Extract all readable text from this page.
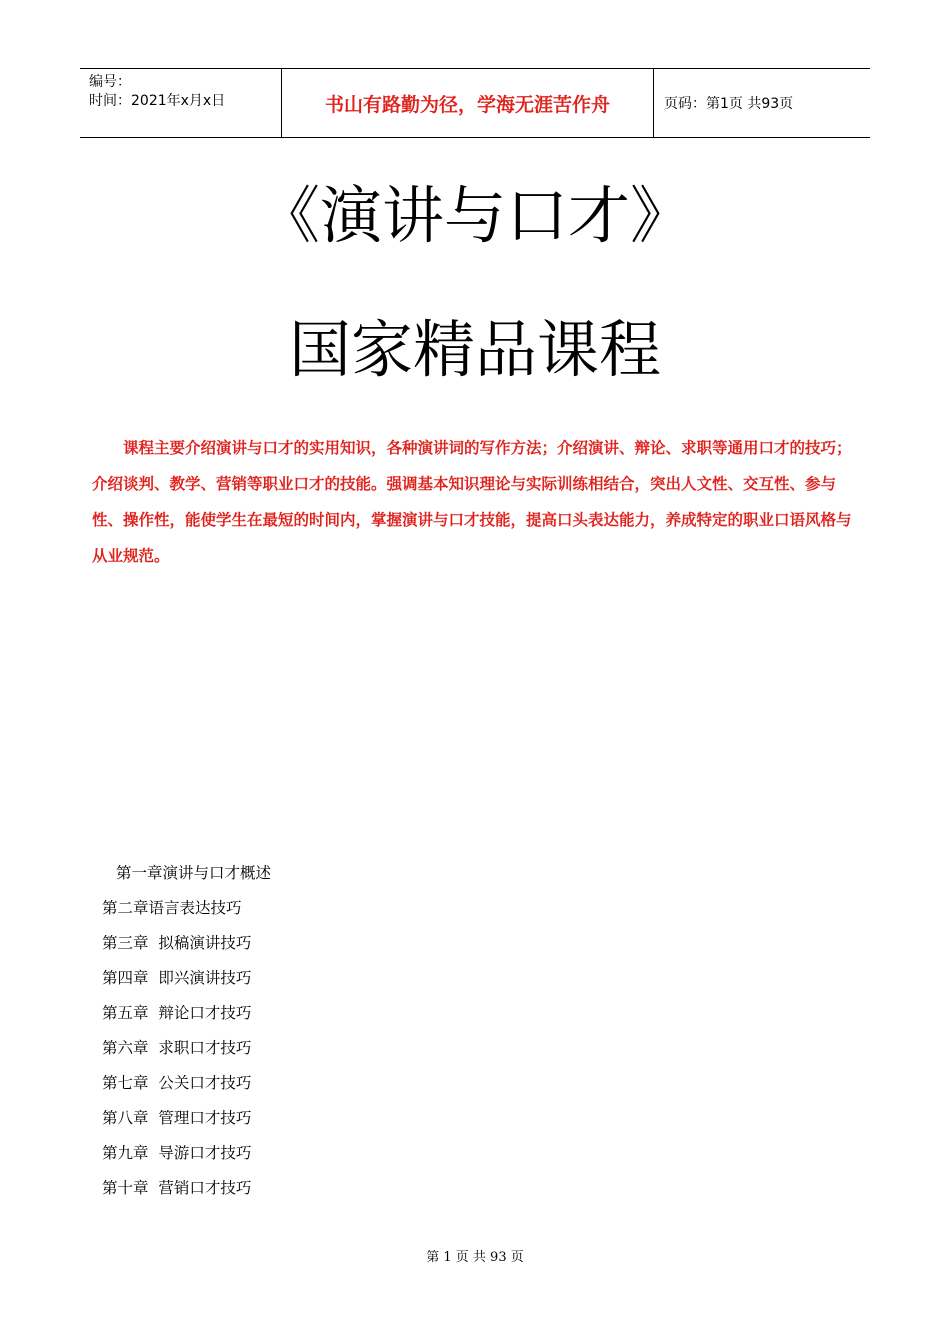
编号：
时间：2021年x月x日	书山有路勤为径，学海无涯苦作舟	页码：第1页 共93页
《演讲与口才》
国家精品课程
课程主要介绍演讲与口才的实用知识，各种演讲词的写作方法；介绍演讲、辩论、求职等通用口才的技巧；介绍谈判、教学、营销等职业口才的技能。强调基本知识理论与实际训练相结合，突出人文性、交互性、参与性、操作性，能使学生在最短的时间内，掌握演讲与口才技能，提高口头表达能力，养成特定的职业口语风格与从业规范。
第一章演讲与口才概述
第二章语言表达技巧
第三章  拟稿演讲技巧
第四章  即兴演讲技巧
第五章  辩论口才技巧
第六章  求职口才技巧
第七章  公关口才技巧
第八章  管理口才技巧
第九章  导游口才技巧
第十章  营销口才技巧
第 1 页 共 93 页
